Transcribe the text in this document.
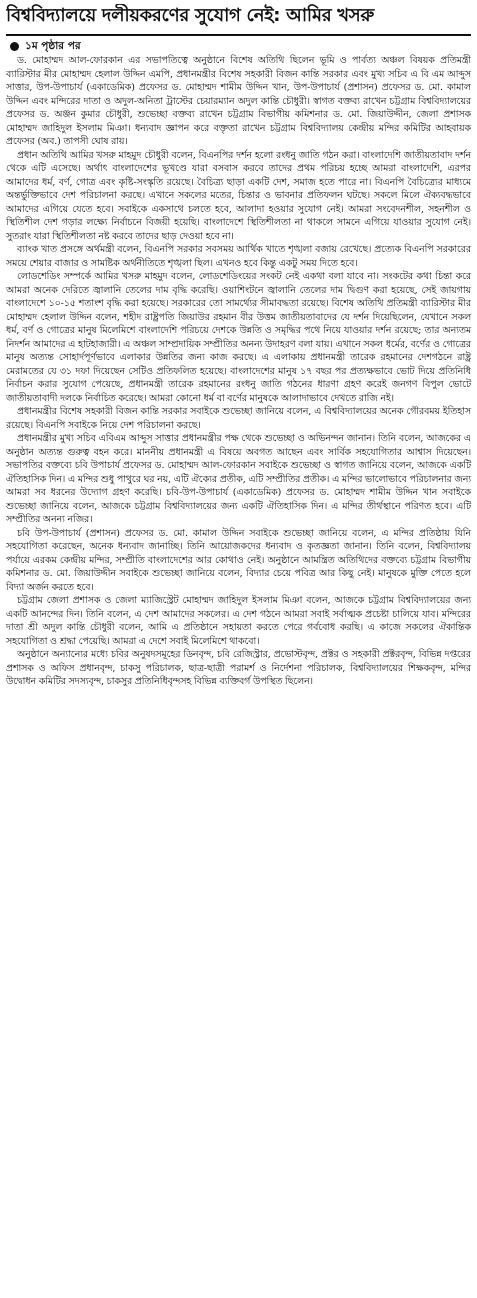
বিশ্ববিদ্যালয়ে দলীয়করণের সুযোগ নেই: আমির খসরু
১ম পৃষ্ঠার পর

ড. মোহাম্মদ আল-ফোরকান এর সভাপতিত্বে অনুষ্ঠানে বিশেষ অতিথি ছিলেন ভূমি ও পার্বত্য অঞ্চল বিষয়ক প্রতিমন্ত্রী ব্যারিস্টার মীর মোহাম্মদ হেলাল উদ্দিন এমপি, প্রধানমন্ত্রীর বিশেষ সহকারী বিজন কান্তি সরকার এবং মুখ্য সচিব এ বি এম আব্দুস সাত্তার, উপ-উপাচার্য (একাডেমিক) প্রফেসর ড. মোহাম্মদ শামীম উদ্দিন খান, উপ-উপাচার্য (প্রশাসন) প্রফেসর ড. মো. কামাল উদ্দিন এবং মন্দিরের দাতা ও অদুল-অনিতা ট্রাস্টের চেয়ারম্যান অদুল কান্তি চৌধুরী। স্বাগত বক্তব্য রাখেন চট্টগ্রাম বিশ্ববিদ্যালয়ের প্রফেসর ড. অঞ্জন কুমার চৌধুরী, শুভেচ্ছা বক্তব্য রাখেন চট্টগ্রাম বিভাগীয় কমিশনার ড. মো. জিয়াউদ্দীন, জেলা প্রশাসক মোহাম্মদ জাহিদুল ইসলাম মিঞা। ধন্যবাদ জ্ঞাপন করে বক্তৃতা রাখেন চট্টগ্রাম বিশ্ববিদ্যালয় কেন্দ্রীয় মন্দির কমিটির আহবায়ক প্রফেসর (অব.) তাপসী ঘোষ রায়।

প্রধান অতিথি আমির খসরু মাহমুদ চৌধুরী বলেন, বিএনপির দর্শন হলো রংধনু জাতি গঠন করা। বাংলাদেশি জাতীয়তাবাদ দর্শন থেকে এটি এসেছে। অর্থাৎ বাংলাদেশের ভূখণ্ডে যারা বসবাস করবে তাদের প্রথম পরিচয় হচ্ছে আমরা বাংলাদেশি, এরপর আমাদের ধর্ম, বর্ণ, গোত্র এবং কৃষ্টি-সংস্কৃতি রয়েছে। বৈচিত্র্য ছাড়া একটি দেশ, সমাজ হতে পারে না। বিএনপি বৈচিত্র্যের মাধ্যমে অন্তর্ভুক্তিভাবে দেশ পরিচালনা করছে। এখানে সকলের মতের, চিন্তার ও ভাবনার প্রতিফলন ঘটছে। সকলে মিলে ঐক্যবদ্ধভাবে আমাদের এগিয়ে যেতে হবে। সবাইকে একসাথে চলতে হবে, আলাদা হওয়ার সুযোগ নেই। আমরা সংবেদনশীল, সহনশীল ও স্থিতিশীল দেশ গড়ার লক্ষ্যে নির্বাচনে বিজয়ী হয়েছি। বাংলাদেশে স্থিতিশীলতা না থাকলে সামনে এগিয়ে যাওয়ার সুযোগ নেই। সুতরাং যারা স্থিতিশীলতা নষ্ট করবে তাদের ছাড় দেওয়া হবে না।

ব্যাংক খাত প্রসঙ্গে অর্থমন্ত্রী বলেন, বিএনপি সরকার সবসময় আর্থিক খাতে শৃঙ্খলা বজায় রেখেছে। প্রত্যেক বিএনপি সরকারের সময়ে শেয়ার বাজার ও সামষ্টিক অর্থনীতিতে শৃঙ্খলা ছিল। এখনও হবে কিন্তু একটু সময় দিতে হবে।

লোডশেডিং সম্পর্কে আমির খসরু মাহমুদ বলেন, লোডশেডিংয়ের সংকট নেই একথা বলা যাবে না। সংকটের কথা চিন্তা করে আমরা অনেক দেরিতে জ্বালানি তেলের দাম বৃদ্ধি করেছি। ওয়াশিংটনে জ্বালানি তেলের দাম দ্বিগুণ করা হয়েছে, সেই জায়গায় বাংলাদেশে ১০-১৫ শতাংশ বৃদ্ধি করা হয়েছে। সরকারের তো সামর্থ্যের সীমাবদ্ধতা রয়েছে। বিশেষ অতিথি প্রতিমন্ত্রী ব্যারিস্টার মীর মোহাম্মদ হেলাল উদ্দিন বলেন, শহীদ রাষ্ট্রপতি জিয়াউর রহমান বীর উত্তম জাতীয়তাবাদের যে দর্শন দিয়েছিলেন, যেখানে সকল ধর্ম, বর্ণ ও গোত্রের মানুষ মিলেমিশে বাংলাদেশি পরিচয়ে দেশকে উন্নতি ও সমৃদ্ধির পথে নিয়ে যাওয়ার দর্শন রয়েছে; তার অন্যতম নিদর্শন আমাদের এ হাটহাজারী। এ অঞ্চল সাম্প্রদায়িক সম্প্রীতির অনন্য উদাহরণ বলা যায়। এখানে সকল ধর্মের, বর্ণের ও গোত্রের মানুষ অত্যন্ত সোহার্দপূর্ণভাবে এলাকার উন্নতির জন্য কাজ করছে। এ এলাকায় প্রধানমন্ত্রী তারেক রহমানের দেশগঠনে রাষ্ট্র মেরামতের যে ৩১ দফা দিয়েছেন সেটিও প্রতিফলিত হয়েছে। বাংলাদেশের মানুষ ১৭ বছর পর প্রত্যক্ষভাবে ভোট দিয়ে প্রতিনিধি নির্বাচন করার সুযোগ পেয়েছে, প্রধানমন্ত্রী তারেক রহমানের রংধনু জাতি গঠনের ধারণা গ্রহণ করেই জনগণ বিপুল ভোটে জাতীয়তাবাদী দলকে নির্বাচিত করেছে। আমরা কোনো ধর্ম বা বর্ণের মানুষকে আলাদাভাবে দেখতে রাজি নই।

প্রধানমন্ত্রীর বিশেষ সহকারী বিজন কান্তি সরকার সবাইকে শুভেচ্ছা জানিয়ে বলেন, এ বিশ্ববিদ্যালয়ের অনেক গৌরবময় ইতিহাস রয়েছে। বিএনপি সবাইকে নিয়ে দেশ পরিচালনা করছে।

প্রধানমন্ত্রীর মুখ্য সচিব এবিএম আব্দুস সাত্তার প্রধানমন্ত্রীর পক্ষ থেকে শুভেচ্ছা ও অভিনন্দন জানান। তিনি বলেন, আজকের এ অনুষ্ঠান অত্যন্ত গুরুত্ব বহন করে। মাননীয় প্রধানমন্ত্রী এ বিষয়ে অবগত আছেন এবং সার্বিক সহযোগিতার আশ্বাস দিয়েছেন। সভাপতির বক্তব্যে চবি উপাচার্য প্রফেসর ড. মোহাম্মদ আল-ফোরকান সবাইকে শুভেচ্ছা ও স্বাগত জানিয়ে বলেন, আজকে একটি ঐতিহাসিক দিন। এ মন্দির শুধু পাথুরে ঘর নয়, এটি ঐক্যের প্রতীক, এটি সম্প্রীতির প্রতীক। এ মন্দির ভালোভাবে পরিচালনার জন্য আমরা সব ধরনের উদ্যোগ গ্রহণ করেছি। চবি-উপ-উপাচার্য (একাডেমিক) প্রফেসর ড. মোহাম্মদ শামীম উদ্দিন খান সবাইকে শুভেচ্ছা জানিয়ে বলেন, আজকে চট্টগ্রাম বিশ্ববিদ্যালয়ের জন্য একটি ঐতিহাসিক দিন। এ মন্দির তীর্থস্থানে পরিণত হবে। এটি সম্প্রীতির অনন্য নজির।

চবি উপ-উপাচার্য (প্রশাসন) প্রফেসর ড. মো. কামাল উদ্দিন সবাইকে শুভেচ্ছা জানিয়ে বলেন, এ মন্দির প্রতিষ্ঠায় যিনি সহযোগিতা করেছেন, অনেক ধন্যবাদ জানাচ্ছি। তিনি আয়োজকদের ধন্যবাদ ও কৃতজ্ঞতা জানান। তিনি বলেন, বিশ্ববিদ্যালয় পর্যায়ে এরকম কেন্দ্রীয় মন্দির, সম্প্রীতি বাংলাদেশের আর কোথাও নেই। অনুষ্ঠানে আমন্ত্রিত অতিথিদের বক্তব্যে চট্টগ্রাম বিভাগীয় কমিশনার ড. মো. জিয়াউদ্দীন সবাইকে শুভেচ্ছা জানিয়ে বলেন, বিদ্যার চেয়ে পবিত্র আর কিছু নেই। মানুষকে মুক্তি পেতে হলে বিদ্যা অর্জন করতে হবে।

চট্টগ্রাম জেলা প্রশাসক ও জেলা ম্যাজিস্ট্রেট মোহাম্মদ জাহিদুল ইসলাম মিঞা বলেন, আজকে চট্টগ্রাম বিশ্ববিদ্যালয়ের জন্য একটি আনন্দের দিন। তিনি বলেন, এ দেশ আমাদের সকলের। এ দেশ গঠনে আমরা সবাই সর্বাত্মক প্রচেষ্টা চালিয়ে যাব। মন্দিরের দাতা শ্রী অদুল কান্তি চৌধুরী বলেন, আমি এ প্রতিষ্ঠানে সহায়তা করতে পেরে গর্ববোধ করছি। এ কাজে সকলের ঐকান্তিক সহযোগিতা ও শ্রদ্ধা পেয়েছি। আমরা এ দেশে সবাই মিলেমিশে থাকবো।

অনুষ্ঠানে অন্যান্যের মধ্যে চবির অনুষদসমূহের ডিনবৃন্দ, চবি রেজিস্ট্রার, প্রভোস্টবৃন্দ, প্রক্টর ও সহকারী প্রক্টরবৃন্দ, বিভিন্ন দপ্তরের প্রশাসক ও অফিস প্রধানবৃন্দ, চাকসু পরিচালক, ছাত্র-ছাত্রী পরামর্শ ও নির্দেশনা পরিচালক, বিশ্ববিদ্যালয়ের শিক্ষকবৃন্দ, মন্দির উদ্বোধন কমিটির সদস্যবৃন্দ, চাকসুর প্রতিনিধিবৃন্দসহ বিভিন্ন ব্যক্তিবর্গ উপস্থিত ছিলেন।
